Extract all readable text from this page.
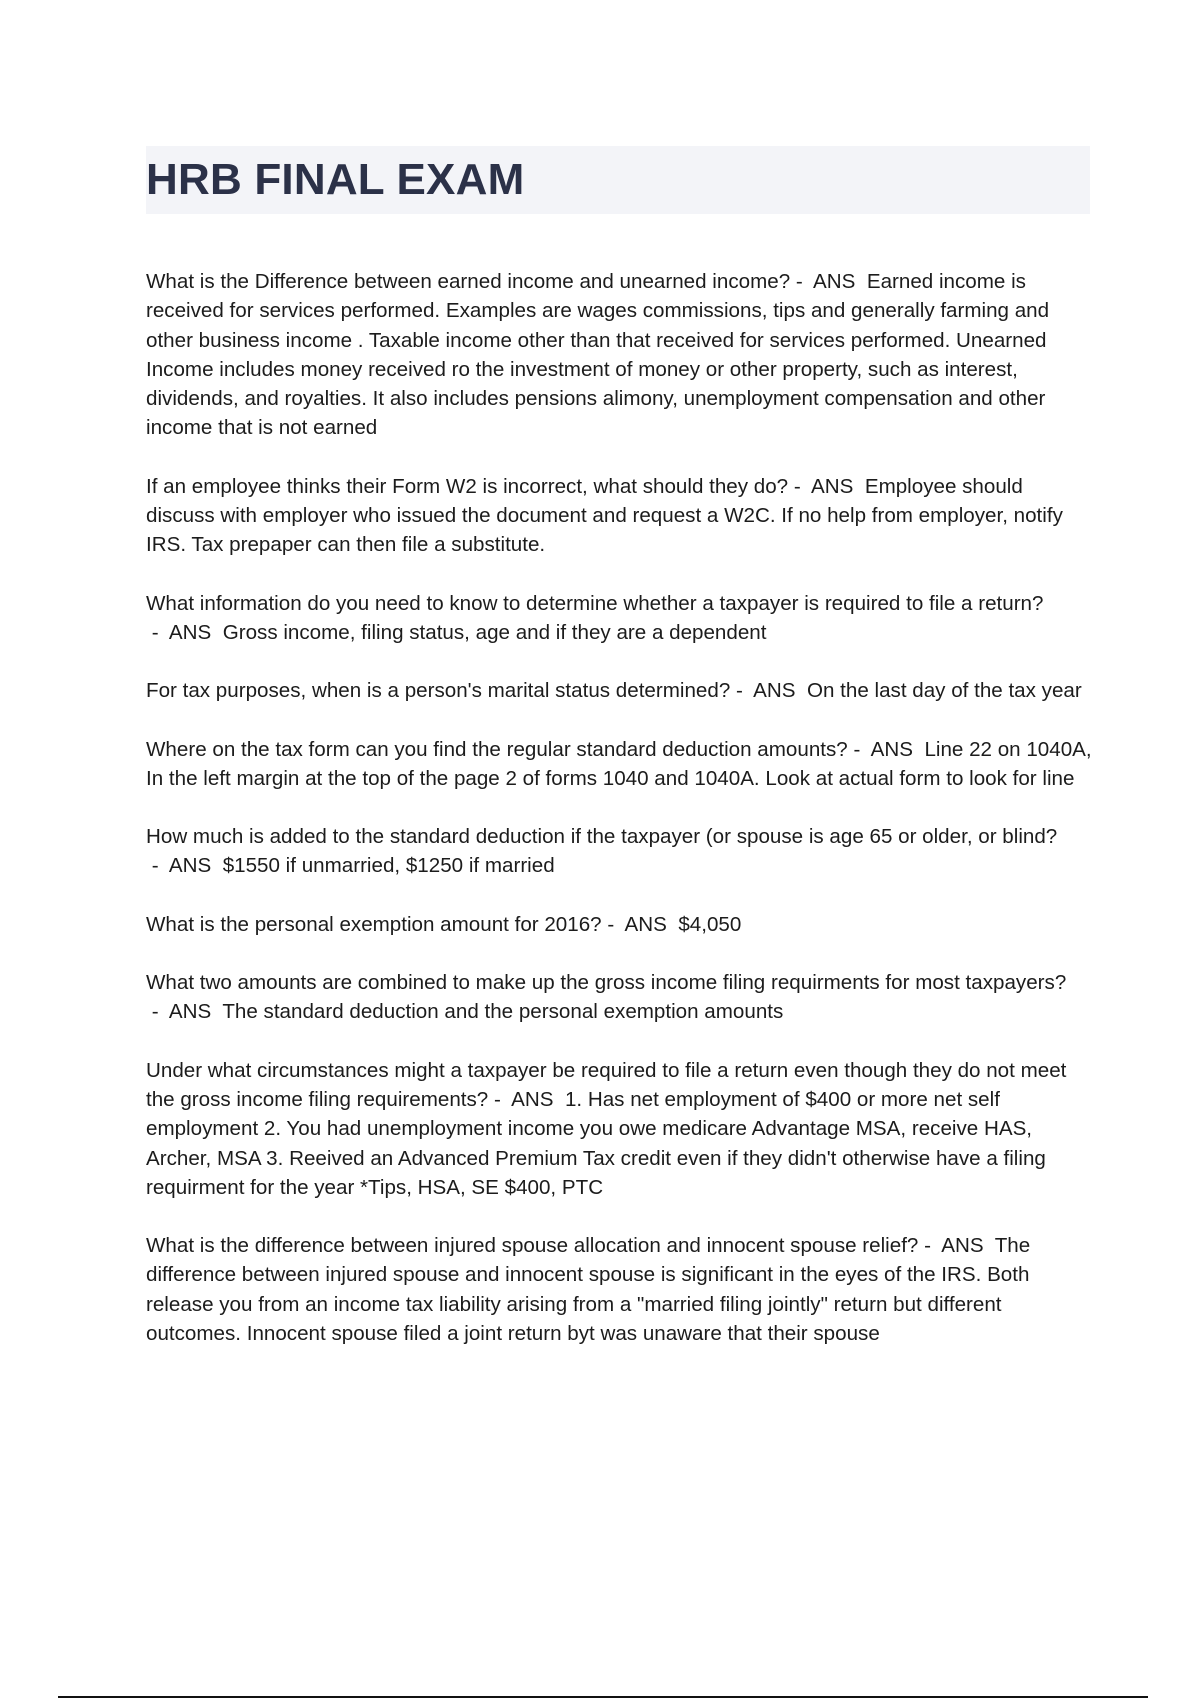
HRB FINAL EXAM

What is the Difference between earned income and unearned income? -  ANS  Earned income is received for services performed. Examples are wages commissions, tips and generally farming and other business income . Taxable income other than that received for services performed. Unearned Income includes money received ro the investment of money or other property, such as interest, dividends, and royalties. It also includes pensions alimony, unemployment compensation and other income that is not earned

If an employee thinks their Form W2 is incorrect, what should they do? -  ANS  Employee should discuss with employer who issued the document and request a W2C. If no help from employer, notify IRS. Tax prepaper can then file a substitute.

What information do you need to know to determine whether a taxpayer is required to file a return? -  ANS  Gross income, filing status, age and if they are a dependent

For tax purposes, when is a person's marital status determined? -  ANS  On the last day of the tax year

Where on the tax form can you find the regular standard deduction amounts? -  ANS  Line 22 on 1040A, In the left margin at the top of the page 2 of forms 1040 and 1040A. Look at actual form to look for line

How much is added to the standard deduction if the taxpayer (or spouse is age 65 or older, or blind? -  ANS  $1550 if unmarried, $1250 if married

What is the personal exemption amount for 2016? -  ANS  $4,050

What two amounts are combined to make up the gross income filing requirments for most taxpayers? -  ANS  The standard deduction and the personal exemption amounts

Under what circumstances might a taxpayer be required to file a return even though they do not meet the gross income filing requirements? -  ANS  1. Has net employment of $400 or more net self employment 2. You had unemployment income you owe medicare Advantage MSA, receive HAS, Archer, MSA 3. Reeived an Advanced Premium Tax credit even if they didn't otherwise have a filing requirment for the year *Tips, HSA, SE $400, PTC

What is the difference between injured spouse allocation and innocent spouse relief? -  ANS  The difference between injured spouse and innocent spouse is significant in the eyes of the IRS. Both release you from an income tax liability arising from a "married filing jointly" return but different outcomes. Innocent spouse filed a joint return byt was unaware that their spouse
